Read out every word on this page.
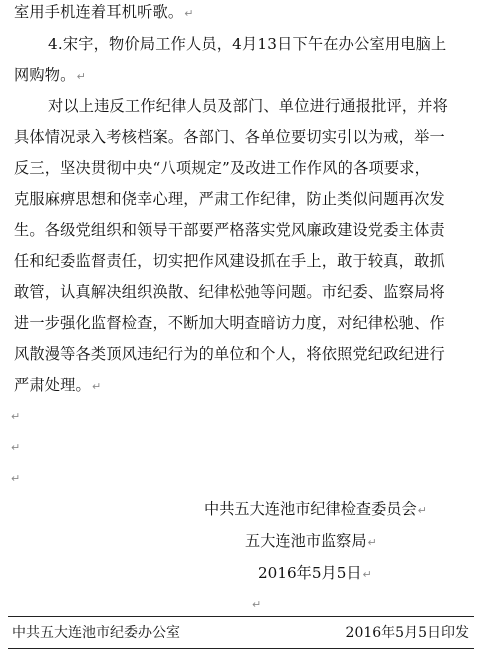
室用手机连着耳机听歌。↵
4.宋宇，物价局工作人员，4月13日下午在办公室用电脑上
网购物。↵
对以上违反工作纪律人员及部门、单位进行通报批评，并将
具体情况录入考核档案。各部门、各单位要切实引以为戒，举一
反三，坚决贯彻中央“八项规定”及改进工作作风的各项要求，
克服麻痹思想和侥幸心理，严肃工作纪律，防止类似问题再次发
生。各级党组织和领导干部要严格落实党风廉政建设党委主体责
任和纪委监督责任，切实把作风建设抓在手上，敢于较真，敢抓
敢管，认真解决组织涣散、纪律松弛等问题。市纪委、监察局将
进一步强化监督检查，不断加大明查暗访力度，对纪律松驰、作
风散漫等各类顶风违纪行为的单位和个人，将依照党纪政纪进行
严肃处理。↵
↵
↵
↵
中共五大连池市纪律检查委员会↵
五大连池市监察局↵
2016年5月5日↵
↵
中共五大连池市纪委办公室	2016年5月5日印发
